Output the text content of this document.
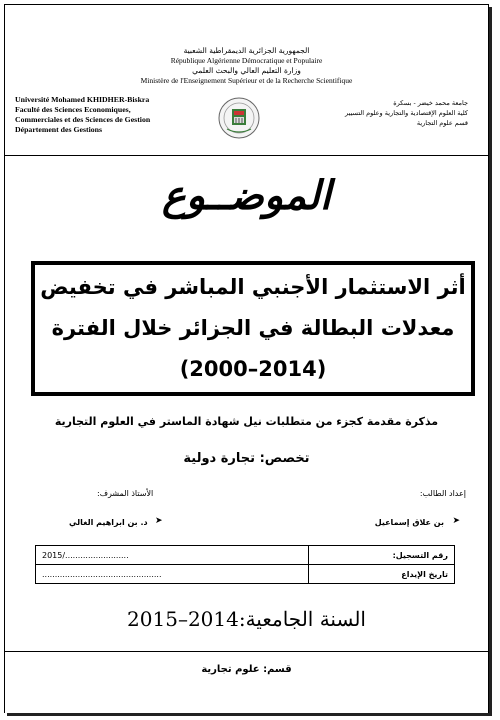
الجمهورية الجزائرية الديمقراطية الشعبية
République Algérienne Démocratique et Populaire
وزارة التعليم العالي والبحث العلمي
Ministère de l'Enseignement Supérieur et de la Recherche Scientifique
Université Mohamed KHIDHER-Biskra
Faculté des Sciences Economiques,
Commerciales et des Sciences de Gestion
Département des Gestions
جامعة محمد خيضر - بسكرة
كلية العلوم الإقتصادية والتجارية وعلوم التسيير
قسم علوم التجارية
الموضــوع
أثر الاستثمار الأجنبي المباشر في تخفيض
معدلات البطالة في الجزائر خلال الفترة
(2000–2014)
مذكرة مقدمة كجزء من متطلبات نيل شهادة الماستر في العلوم التجارية
تخصص: تجارة دولية
إعداد الطالب:
الأستاذ المشرف:
بن علاق إسماعيل ➤
د. بن ابراهيم الغالي ➤
2015/.........................	رقم التسجيل:
...............................................	تاريخ الإيداع
السنة الجامعية:2014–2015
قسم: علوم تجارية
